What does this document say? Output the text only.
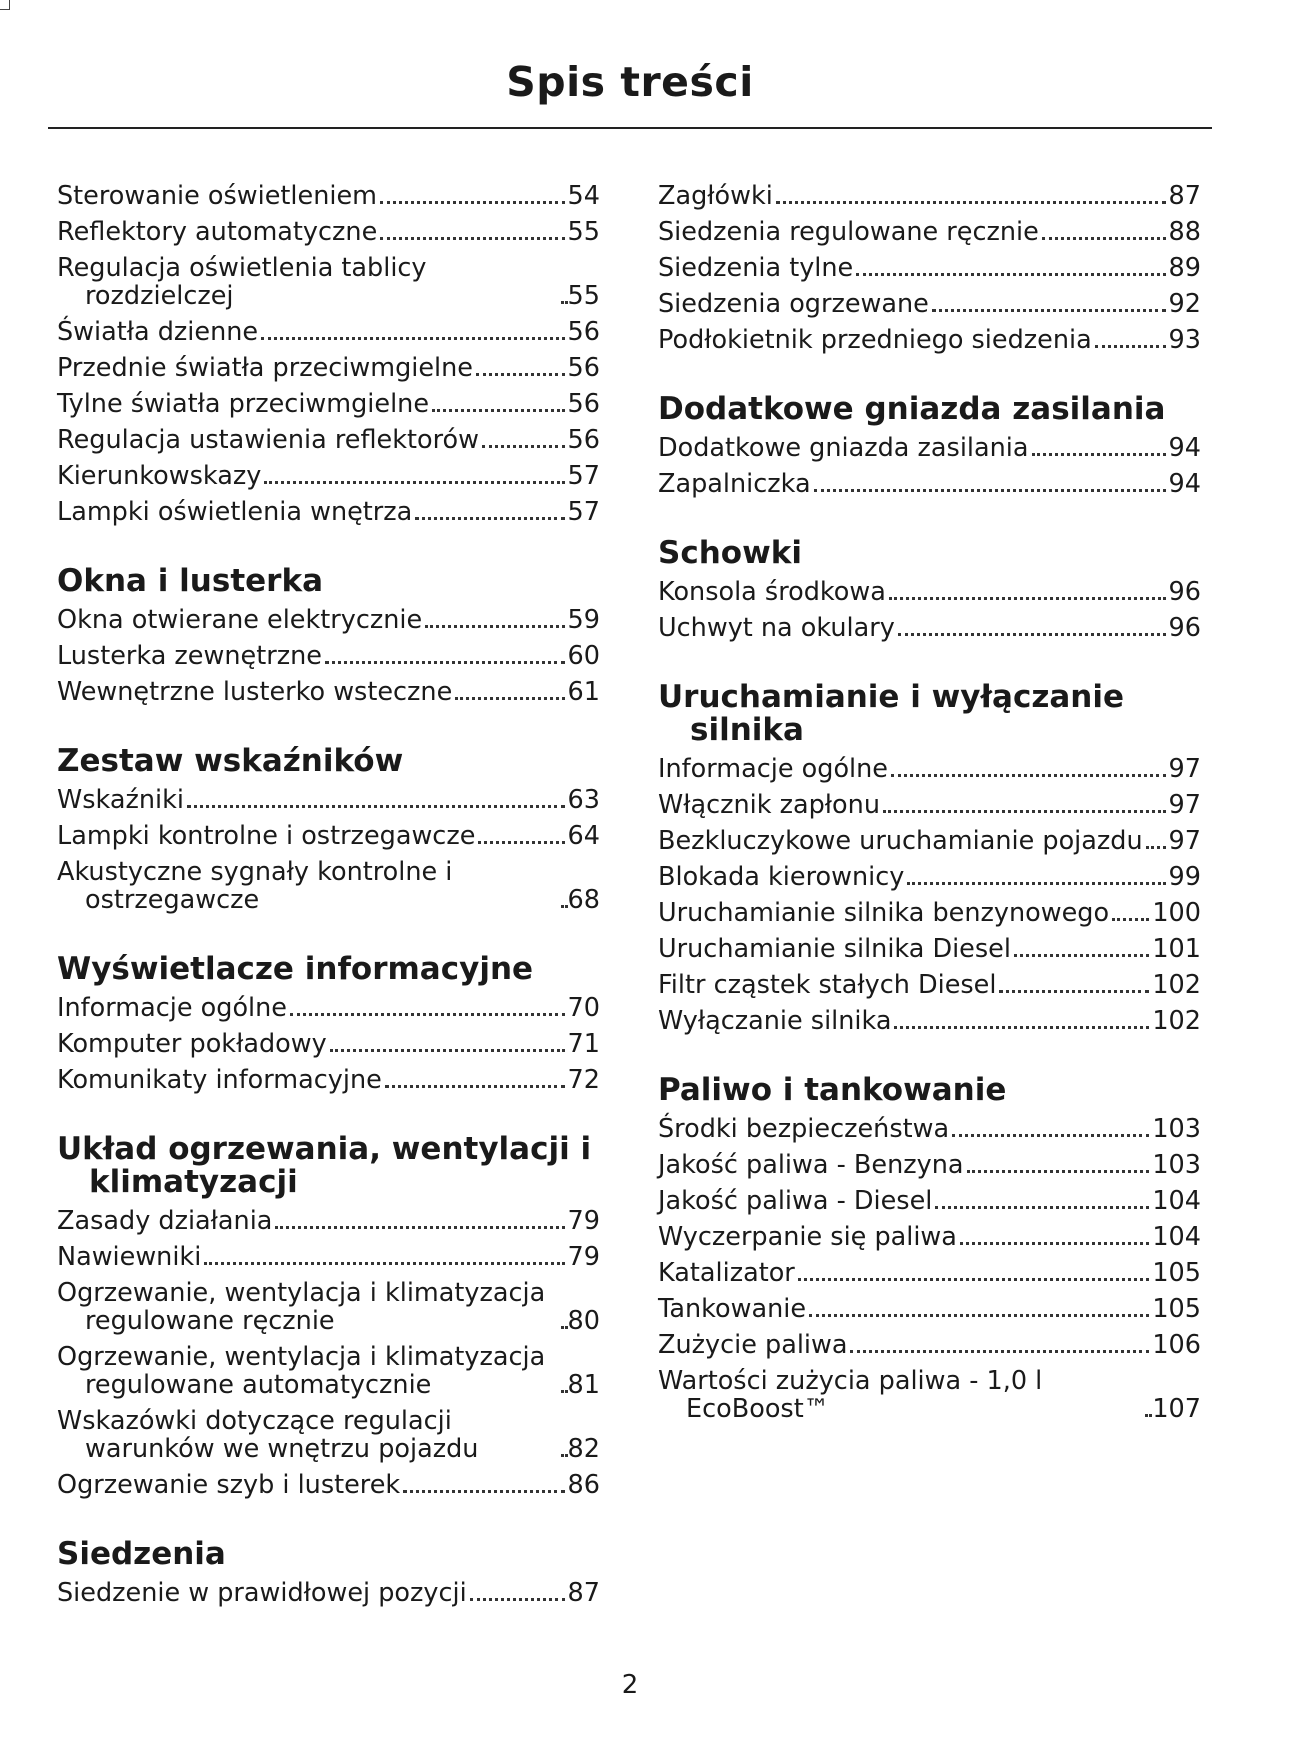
Spis treści
Sterowanie oświetleniem	54
Reflektory automatyczne	55
Regulacja oświetlenia tablicy rozdzielczej	55
Światła dzienne	56
Przednie światła przeciwmgielne	56
Tylne światła przeciwmgielne	56
Regulacja ustawienia reflektorów	56
Kierunkowskazy	57
Lampki oświetlenia wnętrza	57
Okna i lusterka
Okna otwierane elektrycznie	59
Lusterka zewnętrzne	60
Wewnętrzne lusterko wsteczne	61
Zestaw wskaźników
Wskaźniki	63
Lampki kontrolne i ostrzegawcze	64
Akustyczne sygnały kontrolne i ostrzegawcze	68
Wyświetlacze informacyjne
Informacje ogólne	70
Komputer pokładowy	71
Komunikaty informacyjne	72
Układ ogrzewania, wentylacji i klimatyzacji
Zasady działania	79
Nawiewniki	79
Ogrzewanie, wentylacja i klimatyzacja regulowane ręcznie	80
Ogrzewanie, wentylacja i klimatyzacja regulowane automatycznie	81
Wskazówki dotyczące regulacji warunków we wnętrzu pojazdu	82
Ogrzewanie szyb i lusterek	86
Siedzenia
Siedzenie w prawidłowej pozycji	87
Zagłówki	87
Siedzenia regulowane ręcznie	88
Siedzenia tylne	89
Siedzenia ogrzewane	92
Podłokietnik przedniego siedzenia	93
Dodatkowe gniazda zasilania
Dodatkowe gniazda zasilania	94
Zapalniczka	94
Schowki
Konsola środkowa	96
Uchwyt na okulary	96
Uruchamianie i wyłączanie silnika
Informacje ogólne	97
Włącznik zapłonu	97
Bezkluczykowe uruchamianie pojazdu 97
Blokada kierownicy	99
Uruchamianie silnika benzynowego 100
Uruchamianie silnika Diesel	101
Filtr cząstek stałych Diesel	102
Wyłączanie silnika	102
Paliwo i tankowanie
Środki bezpieczeństwa	103
Jakość paliwa - Benzyna	103
Jakość paliwa - Diesel	104
Wyczerpanie się paliwa	104
Katalizator	105
Tankowanie	105
Zużycie paliwa	106
Wartości zużycia paliwa - 1,0 l EcoBoost™	107
2
